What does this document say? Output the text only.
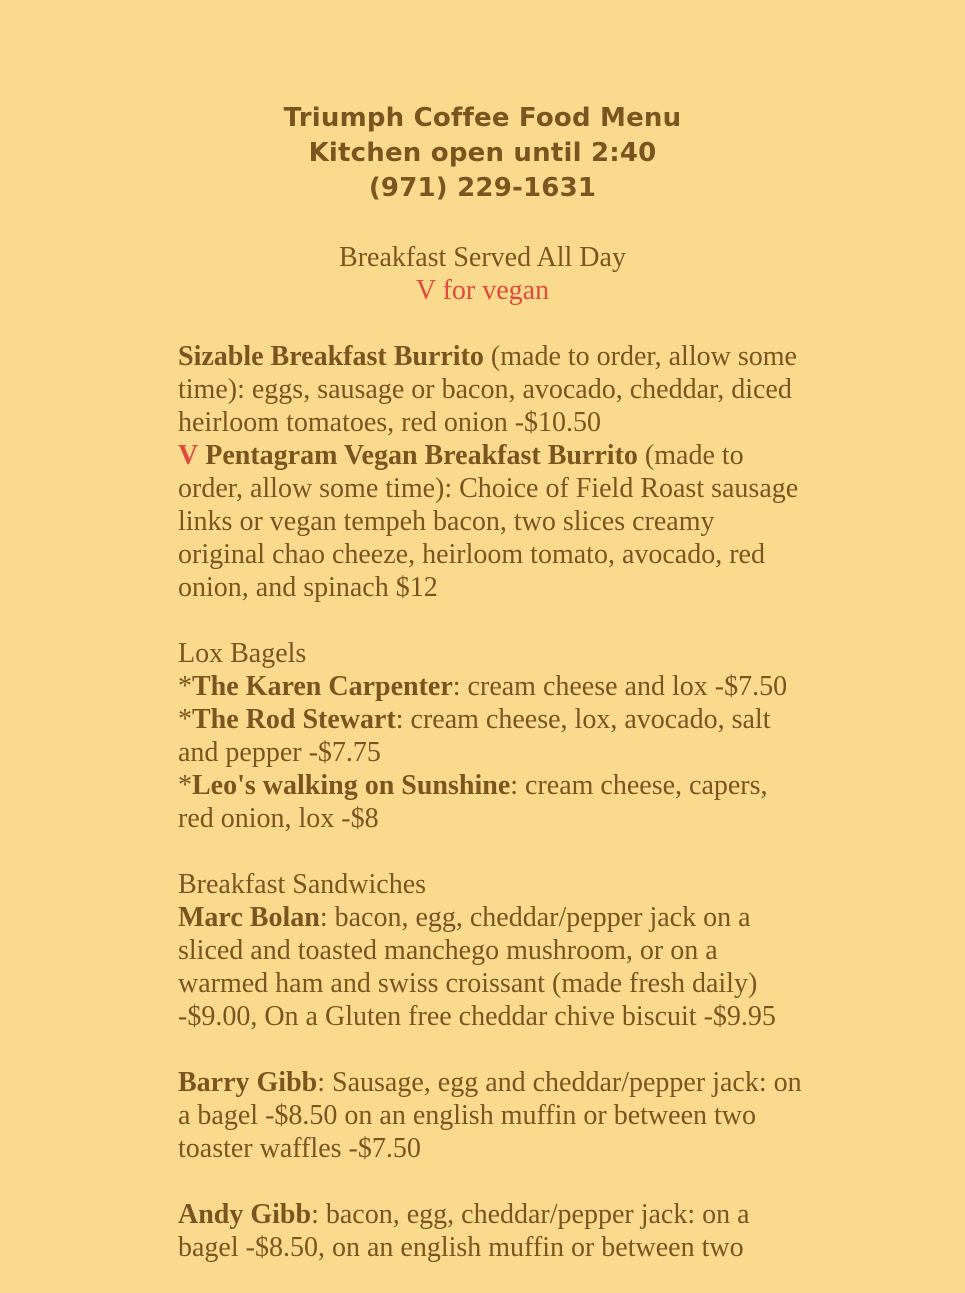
Triumph Coffee Food Menu
Kitchen open until 2:40
(971) 229-1631
Breakfast Served All Day
V for vegan

Sizable Breakfast Burrito (made to order, allow some time): eggs, sausage or bacon, avocado, cheddar, diced heirloom tomatoes, red onion -$10.50

V Pentagram Vegan Breakfast Burrito (made to order, allow some time): Choice of Field Roast sausage links or vegan tempeh bacon, two slices creamy original chao cheeze, heirloom tomato, avocado, red onion, and spinach $12

Lox Bagels

*The Karen Carpenter: cream cheese and lox -$7.50

*The Rod Stewart: cream cheese, lox, avocado, salt and pepper -$7.75

*Leo's walking on Sunshine: cream cheese, capers, red onion, lox -$8

Breakfast Sandwiches

Marc Bolan: bacon, egg, cheddar/pepper jack on a sliced and toasted manchego mushroom, or on a warmed ham and swiss croissant (made fresh daily) -$9.00, On a Gluten free cheddar chive biscuit -$9.95

Barry Gibb: Sausage, egg and cheddar/pepper jack: on a bagel -$8.50 on an english muffin or between two toaster waffles -$7.50

Andy Gibb: bacon, egg, cheddar/pepper jack: on a bagel -$8.50, on an english muffin or between two
